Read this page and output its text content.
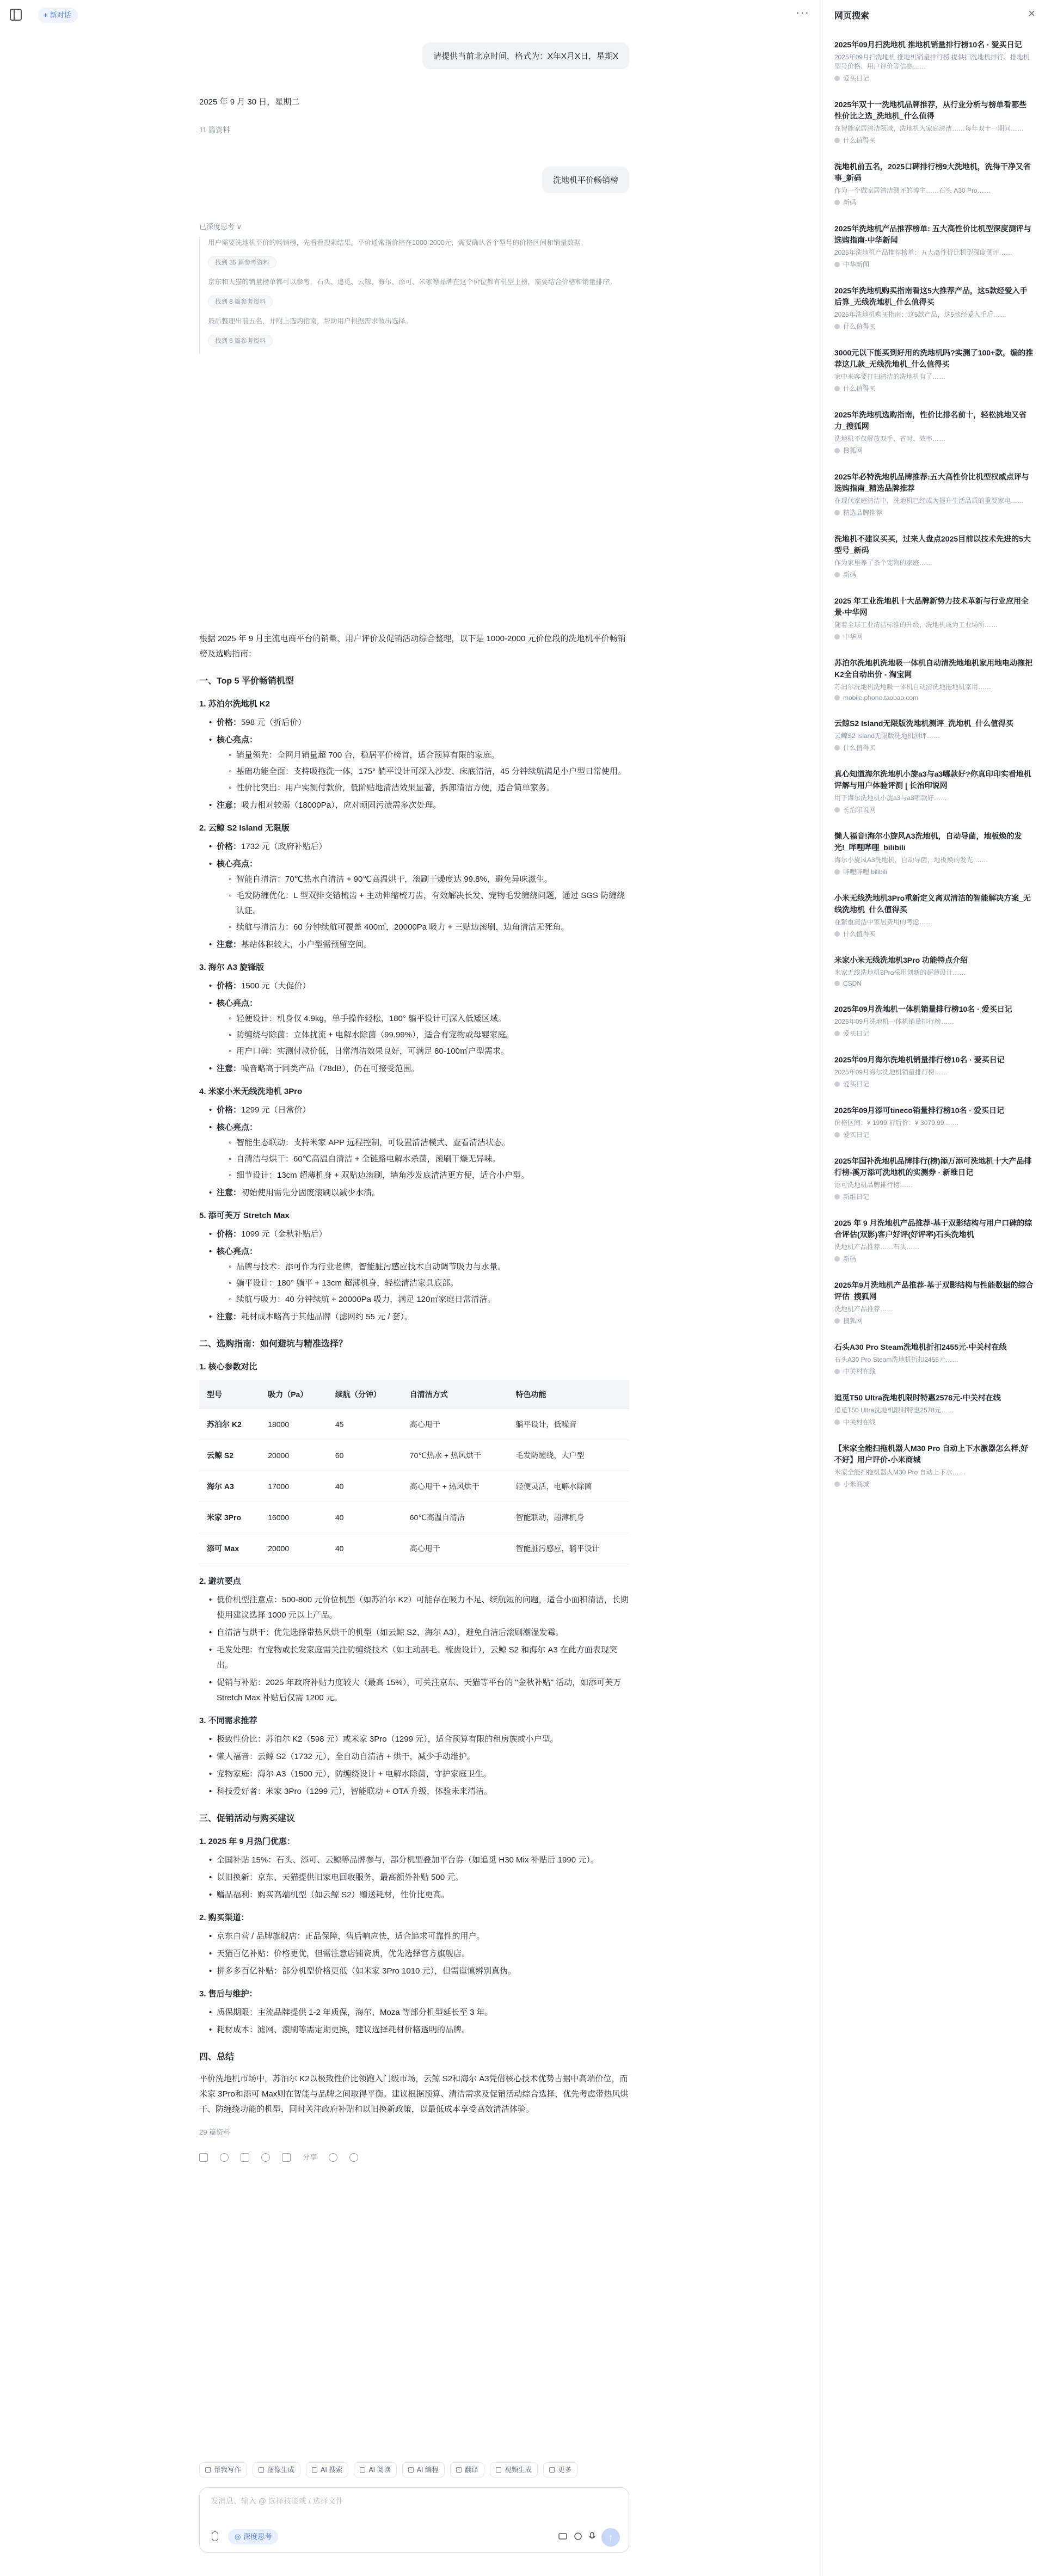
+ 新对话	···
请提供当前北京时间，格式为：X年X月X日，星期X
2025 年 9 月 30 日，星期二
11 篇资料
洗地机平价畅销榜
已深度思考 ∨
用户需要洗地机平价的畅销榜，先看看搜索结果。平价通常指价格在1000-2000元，需要确认各个型号的价格区间和销量数据。
找到 35 篇参考资料
京东和天猫的销量榜单都可以参考，石头、追觅、云鲸、海尔、添可、米家等品牌在这个价位都有机型上榜，需要结合价格和销量排序。
找到 8 篇参考资料
最后整理出前五名，并附上选购指南，帮助用户根据需求做出选择。
找到 6 篇参考资料

根据 2025 年 9 月主流电商平台的销量、用户评价及促销活动综合整理，以下是 1000-2000 元价位段的洗地机平价畅销榜及选购指南：

一、Top 5 平价畅销机型
1. 苏泊尔洗地机 K2
• 价格：598 元（折后价）
• 核心亮点：
◦ 销量领先：全网月销量超 700 台，稳居平价榜首，适合预算有限的家庭。
◦ 基础功能全面：支持吸拖洗一体，175° 躺平设计可深入沙发、床底清洁，45 分钟续航满足小户型日常使用。
◦ 性价比突出：用户实测付款价，低阶贴地清洁效果显著，拆卸清洁方便，适合简单家务。
• 注意：吸力相对较弱（18000Pa），应对顽固污渍需多次处理。
2. 云鲸 S2 Island 无限版
• 价格：1732 元（政府补贴后）
• 核心亮点：
◦ 智能自清洁：70℃热水自清洁 + 90℃高温烘干，滚刷干燥度达 99.8%，避免异味滋生。
◦ 毛发防缠优化：L 型双排交错梳齿 + 主动伸缩梳刀齿，有效解决长发、宠物毛发缠绕问题，通过 SGS 防缠绕认证。
◦ 续航与清洁力：60 分钟续航可覆盖 400㎡，20000Pa 吸力 + 三贴边滚刷，边角清洁无死角。
• 注意：基站体积较大，小户型需预留空间。
3. 海尔 A3 旋锋版
• 价格：1500 元（大促价）
• 核心亮点：
◦ 轻便设计：机身仅 4.9kg，单手操作轻松，180° 躺平设计可深入低矮区域。
◦ 防缠绕与除菌：立体扰流 + 电解水除菌（99.99%），适合有宠物或母婴家庭。
◦ 用户口碑：实测付款价低，日常清洁效果良好，可满足 80-100㎡户型需求。
• 注意：噪音略高于同类产品（78dB），仍在可接受范围。
4. 米家小米无线洗地机 3Pro
• 价格：1299 元（日常价）
• 核心亮点：
◦ 智能生态联动：支持米家 APP 远程控制，可设置清洁模式、查看清洁状态。
◦ 自清洁与烘干：60℃高温自清洁 + 全链路电解水杀菌，滚刷干燥无异味。
◦ 细节设计：13cm 超薄机身 + 双贴边滚刷，墙角沙发底清洁更方便，适合小户型。
• 注意：初始使用需先分固废滚刷以减少水渍。
5. 添可芙万 Stretch Max
• 价格：1099 元（金秋补贴后）
• 核心亮点：
◦ 品牌与技术：添可作为行业老牌，智能脏污感应技术自动调节吸力与水量。
◦ 躺平设计：180° 躺平 + 13cm 超薄机身，轻松清洁家具底部。
◦ 续航与吸力：40 分钟续航 + 20000Pa 吸力，满足 120㎡家庭日常清洁。
• 注意：耗材成本略高于其他品牌（滤网约 55 元 / 套）。
二、选购指南：如何避坑与精准选择？
1. 核心参数对比
型号	吸力（Pa）	续航（分钟）	自清洁方式	特色功能
苏泊尔 K2	18000	45	高心甩干	躺平设计，低噪音
云鲸 S2	20000	60	70℃热水 + 热风烘干	毛发防缠绕，大户型
海尔 A3	17000	40	高心甩干 + 热风烘干	轻便灵活，电解水除菌
米家 3Pro	16000	40	60℃高温自清洁	智能联动，超薄机身
添可 Max	20000	40	高心甩干	智能脏污感应，躺平设计
2. 避坑要点
• 低价机型注意点：500-800 元价位机型（如苏泊尔 K2）可能存在吸力不足、续航短的问题，适合小面积清洁，长期使用建议选择 1000 元以上产品。
• 自清洁与烘干：优先选择带热风烘干的机型（如云鲸 S2、海尔 A3），避免自洁后滚刷潮湿发霉。
• 毛发处理：有宠物或长发家庭需关注防缠绕技术（如主动刮毛、梳齿设计），云鲸 S2 和海尔 A3 在此方面表现突出。
• 促销与补贴：2025 年政府补贴力度较大（最高 15%），可关注京东、天猫等平台的 "金秋补贴" 活动，如添可芙万 Stretch Max 补贴后仅需 1200 元。
3. 不同需求推荐
• 极致性价比：苏泊尔 K2（598 元）或米家 3Pro（1299 元），适合预算有限的租房族或小户型。
• 懒人福音：云鲸 S2（1732 元），全自动自清洁 + 烘干，减少手动维护。
• 宠物家庭：海尔 A3（1500 元），防缠绕设计 + 电解水除菌，守护家庭卫生。
• 科技爱好者：米家 3Pro（1299 元），智能联动 + OTA 升级，体验未来清洁。
三、促销活动与购买建议
1. 2025 年 9 月热门优惠：
• 全国补贴 15%：石头、添可、云鲸等品牌参与，部分机型叠加平台券（如追觅 H30 Mix 补贴后 1990 元）。
• 以旧换新：京东、天猫提供旧家电回收服务，最高额外补贴 500 元。
• 赠品福利：购买高端机型（如云鲸 S2）赠送耗材，性价比更高。
2. 购买渠道：
• 京东自营 / 品牌旗舰店：正品保障，售后响应快，适合追求可靠性的用户。
• 天猫百亿补贴：价格更优，但需注意店铺资质，优先选择官方旗舰店。
• 拼多多百亿补贴：部分机型价格更低（如米家 3Pro 1010 元），但需谨慎辨别真伪。
3. 售后与维护：
• 质保期限：主流品牌提供 1-2 年质保，海尔、Moza 等部分机型延长至 3 年。
• 耗材成本：滤网、滚刷等需定期更换，建议选择耗材价格透明的品牌。
四、总结

平价洗地机市场中，苏泊尔 K2以极致性价比领跑入门级市场，云鲸 S2和海尔 A3凭借核心技术优势占据中高端价位，而米家 3Pro和添可 Max则在智能与品牌之间取得平衡。建议根据预算、清洁需求及促销活动综合选择，优先考虑带热风烘干、防缠绕功能的机型，同时关注政府补贴和以旧换新政策，以最低成本享受高效清洁体验。

29 篇资料
分享
帮我写作	图像生成	AI 搜索	AI 阅读	AI 编程	翻译	视频生成	更多
发消息、输入 @ 选择技能或 / 选择文件
◎ 深度思考	↑
网页搜索	×
2025年09月扫洗地机 推地机销量排行榜10名 · 爱买日记
2025年09月扫洗地机 推地机销量排行榜 提供扫洗地机排行、推地机型号价格、用户评价等信息……
爱买日记
2025年双十一洗地机品牌推荐，从行业分析与榜单看哪些性价比之选_洗地机_什么值得
在智能家居清洁领域，洗地机为家庭清洁……每年双十一期间……
什么值得买
洗地机前五名，2025口碑排行榜9大洗地机，洗得干净又省事_新码
作为一个做家居清洁测评的博主……石头 A30 Pro……
新码
2025年洗地机产品推荐榜单: 五大高性价比机型深度测评与选购指南-中华新闻
2025年洗地机产品推荐榜单：五大高性价比机型深度测评……
中华新闻
2025年洗地机购买指南看这5大推荐产品，这5款经爱入手后算_无线洗地机_什么值得买
2025年洗地机购买指南：这5款产品，这5款经爱入手后……
什么值得买
3000元以下能买到好用的洗地机吗?实测了100+款，编的推荐这几款_无线洗地机_什么值得买
家中来客要打扫清洁的洗地机有了……
什么值得买
2025年洗地机选购指南，性价比排名前十，轻松挑地又省力_搜狐网
洗地机不仅解放双手，省时、效率……
搜狐网
2025年必特洗地机品牌推荐:五大高性价比机型权威点评与选购指南_精选品牌推荐
在现代家庭清洁中，洗地机已经成为提升生活品质的重要家电……
精选品牌推荐
洗地机不建议买买，过来人盘点2025目前以技术先进的5大型号_新码
作为家里养了条个宠物的家庭……
新码
2025 年工业洗地机十大品牌新势力技术革新与行业应用全景-中华网
随着全球工业清洁标准的升级，洗地机成为工业场所……
中华网
苏泊尔洗地机洗地吸一体机自动清洗地地机家用地电动拖把K2全自动出价 - 淘宝网
苏泊尔洗地机洗地吸一体机自动清洗地拖地机家用……
mobile.phone.taobao.com
云鲸S2 Island无限版洗地机测评_洗地机_什么值得买
云鲸S2 Island无限版洗地机测评……
什么值得买
真心知道海尔洗地机小旋a3与a3哪款好?你真印印实看地机评解与用户体验评测 | 长治印说网
用于海尔洗地机小旋a3与a3哪款好……
长治印说网
懒人福音!海尔小旋风A3洗地机，自动导菌，地板焕的发光!_哔哩哔哩_bilibili
海尔小旋风A3洗地机，自动导菌，地板焕的发光……
哔哩哔哩 bilibili
小米无线洗地机3Pro重新定义离双清洁的智能解决方案_无线洗地机_什么值得买
在繁重清洁中家居费用的考虑……
什么值得买
米家小米无线洗地机3Pro 功能特点介绍
米家无线洗地机3Pro采用创新的超薄设计……
CSDN
2025年09月洗地机一体机销量排行榜10名 · 爱买日记
2025年09月洗地机一体机销量排行榜……
爱买日记
2025年09月海尔洗地机销量排行榜10名 · 爱买日记
2025年09月海尔洗地机销量排行榜……
爱买日记
2025年09月添可tineco销量排行榜10名 · 爱买日记
价格区间：¥ 1999 折后价：¥ 3079.99 ……
爱买日记
2025年国补洗地机品牌排行(榜)添万添可洗地机十大产品排行榜-溪万添可洗地机的实测券 · 新维日记
添可洗地机品牌排行榜……
新维日记
2025 年 9 月洗地机产品推荐-基于双影结构与用户口碑的综合评估(双影)客户好评(好评率)石头洗地机
洗地机产品推荐……石头……
新码
2025年9月洗地机产品推荐-基于双影结构与性能数据的综合评估_搜狐网
洗地机产品推荐……
搜狐网
石头A30 Pro Steam洗地机折扣2455元-中关村在线
石头A30 Pro Steam洗地机折扣2455元……
中关村在线
追觅T50 Ultra洗地机限时特惠2578元-中关村在线
追觅T50 Ultra洗地机限时特惠2578元……
中关村在线
【米家全能扫拖机器人M30 Pro 自动上下水激器怎么样,好不好】用户评价-小米商城
米家全能扫拖机器人M30 Pro 自动上下水……
小米商城
